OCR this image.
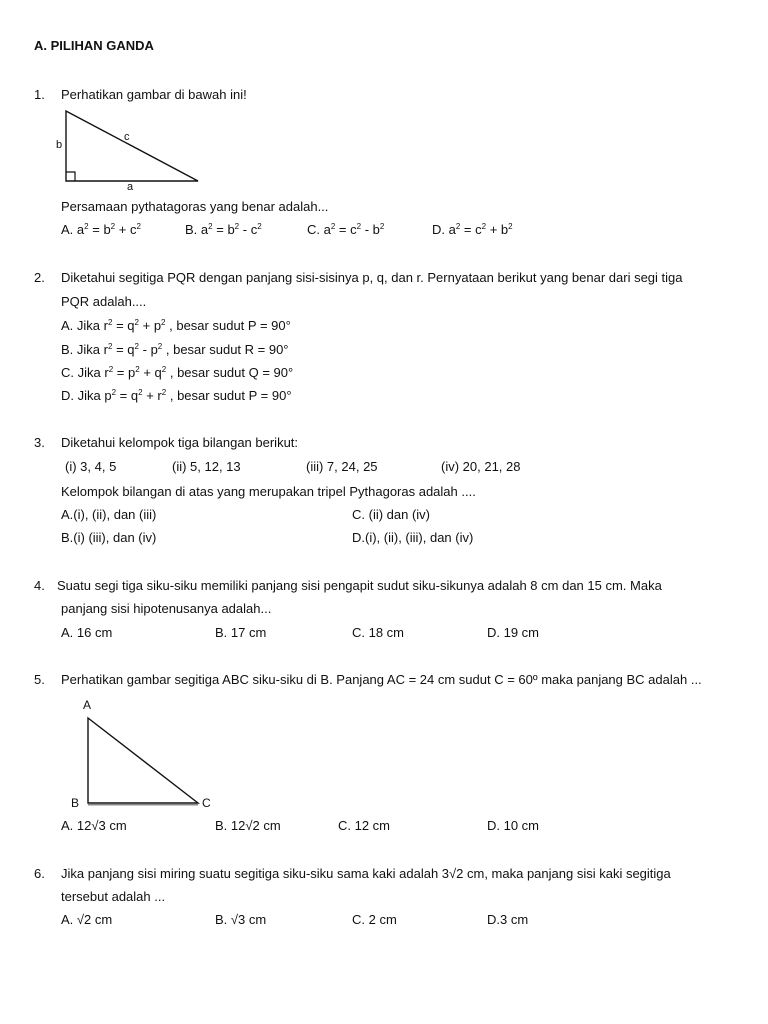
A. PILIHAN GANDA
1. Perhatikan gambar di bawah ini!
b
c
a
Persamaan pythatagoras yang benar adalah...
A. $a^2 = b^2 + c^2$	B. $a^2 = b^2 - c^2$	C. $a^2 = c^2 - b^2$	D. $a^2 = c^2 + b^2$
2. Diketahui segitiga PQR dengan panjang sisi-sisinya p, q, dan r. Pernyataan berikut yang benar dari segi tiga
PQR adalah....
A. Jika $r^2 = q^2 + p^2$ , besar sudut P = 90°
B. Jika $r^2 = q^2 - p^2$ , besar sudut R = 90°
C. Jika $r^2 = p^2 + q^2$ , besar sudut Q = 90°
D. Jika $p^2 = q^2 + r^2$ , besar sudut P = 90°
3. Diketahui kelompok tiga bilangan berikut:
(i) 3, 4, 5	(ii) 5, 12, 13	(iii) 7, 24, 25	(iv) 20, 21, 28
Kelompok bilangan di atas yang merupakan tripel Pythagoras adalah ....
A.(i), (ii), dan (iii)	C. (ii) dan (iv)
B.(i) (iii), dan (iv)	D.(i), (ii), (iii), dan (iv)
4. Suatu segi tiga siku-siku memiliki panjang sisi pengapit sudut siku-sikunya adalah 8 cm dan 15 cm. Maka
panjang sisi hipotenusanya adalah...
A. 16 cm	B. 17 cm	C. 18 cm	D. 19 cm
5. Perhatikan gambar segitiga ABC siku-siku di B. Panjang AC = 24 cm sudut C = 60º maka panjang BC adalah ...
A
B	C
A. 12√3 cm	B. 12√2 cm	C. 12 cm	D. 10 cm
6. Jika panjang sisi miring suatu segitiga siku-siku sama kaki adalah 3√2 cm, maka panjang sisi kaki segitiga
tersebut adalah ...
A. √2 cm	B. √3 cm	C. 2 cm	D.3 cm
